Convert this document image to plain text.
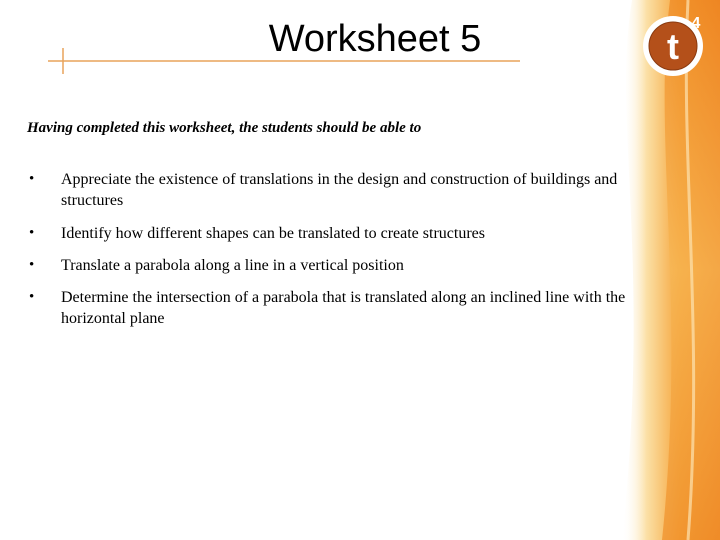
t
4
Worksheet 5
Having completed this worksheet, the students should be able to
• Appreciate the existence of translations in the design and construction of buildings and structures
• Identify how different shapes can be translated to create structures
• Translate a parabola along a line in a vertical position
• Determine the intersection of a parabola that is translated along an inclined line with the horizontal plane
